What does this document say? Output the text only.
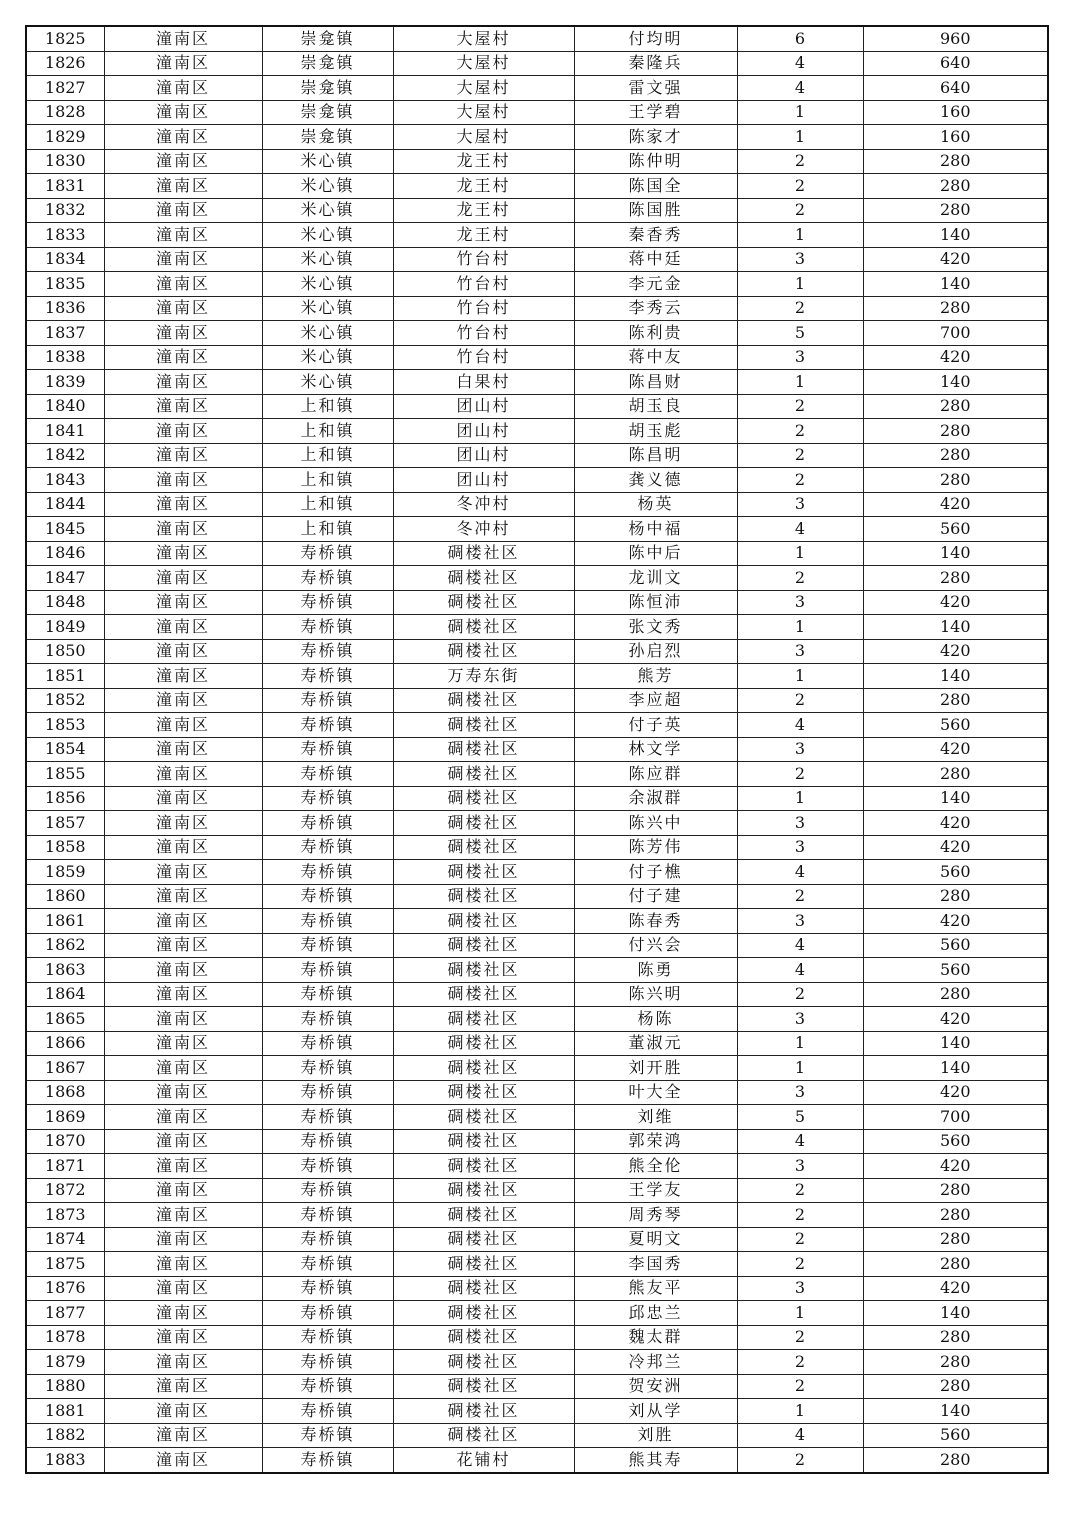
1825	潼南区	崇龛镇	大屋村	付均明	6	960
1826	潼南区	崇龛镇	大屋村	秦隆兵	4	640
1827	潼南区	崇龛镇	大屋村	雷文强	4	640
1828	潼南区	崇龛镇	大屋村	王学碧	1	160
1829	潼南区	崇龛镇	大屋村	陈家才	1	160
1830	潼南区	米心镇	龙王村	陈仲明	2	280
1831	潼南区	米心镇	龙王村	陈国全	2	280
1832	潼南区	米心镇	龙王村	陈国胜	2	280
1833	潼南区	米心镇	龙王村	秦香秀	1	140
1834	潼南区	米心镇	竹台村	蒋中廷	3	420
1835	潼南区	米心镇	竹台村	李元金	1	140
1836	潼南区	米心镇	竹台村	李秀云	2	280
1837	潼南区	米心镇	竹台村	陈利贵	5	700
1838	潼南区	米心镇	竹台村	蒋中友	3	420
1839	潼南区	米心镇	白果村	陈昌财	1	140
1840	潼南区	上和镇	团山村	胡玉良	2	280
1841	潼南区	上和镇	团山村	胡玉彪	2	280
1842	潼南区	上和镇	团山村	陈昌明	2	280
1843	潼南区	上和镇	团山村	龚义德	2	280
1844	潼南区	上和镇	冬冲村	杨英	3	420
1845	潼南区	上和镇	冬冲村	杨中福	4	560
1846	潼南区	寿桥镇	碉楼社区	陈中后	1	140
1847	潼南区	寿桥镇	碉楼社区	龙训文	2	280
1848	潼南区	寿桥镇	碉楼社区	陈恒沛	3	420
1849	潼南区	寿桥镇	碉楼社区	张文秀	1	140
1850	潼南区	寿桥镇	碉楼社区	孙启烈	3	420
1851	潼南区	寿桥镇	万寿东街	熊芳	1	140
1852	潼南区	寿桥镇	碉楼社区	李应超	2	280
1853	潼南区	寿桥镇	碉楼社区	付子英	4	560
1854	潼南区	寿桥镇	碉楼社区	林文学	3	420
1855	潼南区	寿桥镇	碉楼社区	陈应群	2	280
1856	潼南区	寿桥镇	碉楼社区	余淑群	1	140
1857	潼南区	寿桥镇	碉楼社区	陈兴中	3	420
1858	潼南区	寿桥镇	碉楼社区	陈芳伟	3	420
1859	潼南区	寿桥镇	碉楼社区	付子樵	4	560
1860	潼南区	寿桥镇	碉楼社区	付子建	2	280
1861	潼南区	寿桥镇	碉楼社区	陈春秀	3	420
1862	潼南区	寿桥镇	碉楼社区	付兴会	4	560
1863	潼南区	寿桥镇	碉楼社区	陈勇	4	560
1864	潼南区	寿桥镇	碉楼社区	陈兴明	2	280
1865	潼南区	寿桥镇	碉楼社区	杨陈	3	420
1866	潼南区	寿桥镇	碉楼社区	董淑元	1	140
1867	潼南区	寿桥镇	碉楼社区	刘开胜	1	140
1868	潼南区	寿桥镇	碉楼社区	叶大全	3	420
1869	潼南区	寿桥镇	碉楼社区	刘维	5	700
1870	潼南区	寿桥镇	碉楼社区	郭荣鸿	4	560
1871	潼南区	寿桥镇	碉楼社区	熊全伦	3	420
1872	潼南区	寿桥镇	碉楼社区	王学友	2	280
1873	潼南区	寿桥镇	碉楼社区	周秀琴	2	280
1874	潼南区	寿桥镇	碉楼社区	夏明文	2	280
1875	潼南区	寿桥镇	碉楼社区	李国秀	2	280
1876	潼南区	寿桥镇	碉楼社区	熊友平	3	420
1877	潼南区	寿桥镇	碉楼社区	邱忠兰	1	140
1878	潼南区	寿桥镇	碉楼社区	魏太群	2	280
1879	潼南区	寿桥镇	碉楼社区	冷邦兰	2	280
1880	潼南区	寿桥镇	碉楼社区	贺安洲	2	280
1881	潼南区	寿桥镇	碉楼社区	刘从学	1	140
1882	潼南区	寿桥镇	碉楼社区	刘胜	4	560
1883	潼南区	寿桥镇	花铺村	熊其寿	2	280
